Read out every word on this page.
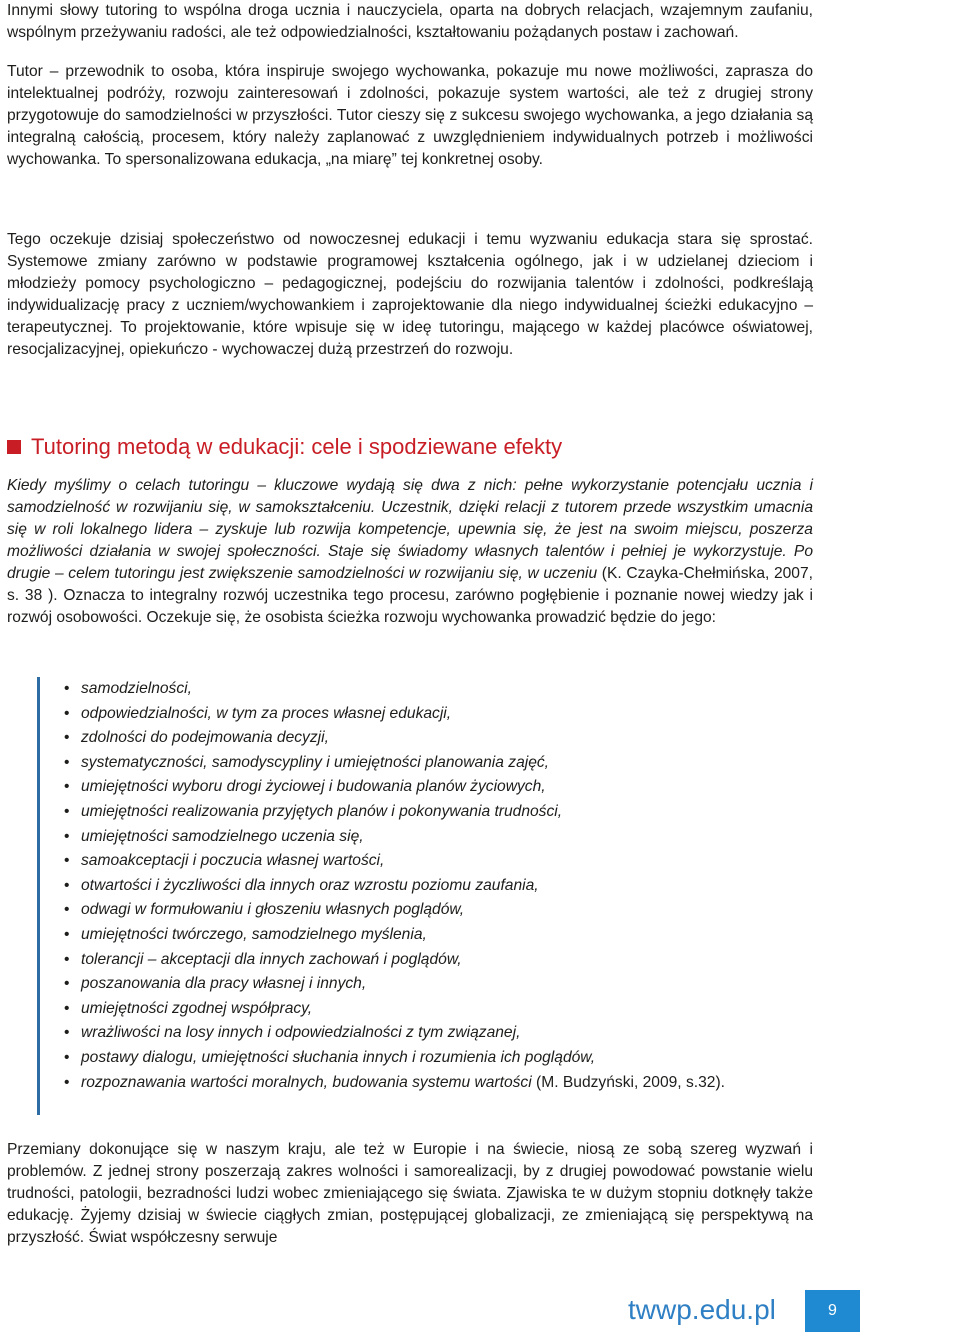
Innymi słowy tutoring to wspólna droga ucznia i nauczyciela, oparta na dobrych relacjach, wzajemnym zaufaniu, wspólnym przeżywaniu radości, ale też odpowiedzialności, kształtowaniu pożądanych postaw i zachowań.

Tutor – przewodnik to osoba, która inspiruje swojego wychowanka, pokazuje mu nowe możliwości, zaprasza do intelektualnej podróży, rozwoju zainteresowań i zdolności, pokazuje system wartości, ale też z drugiej strony przygotowuje do samodzielności w przyszłości. Tutor cieszy się z sukcesu swojego wychowanka, a jego działania są integralną całością, procesem, który należy zaplanować z uwzględnieniem indywidualnych potrzeb i możliwości wychowanka. To spersonalizowana edukacja, „na miarę” tej konkretnej osoby.

Tego oczekuje dzisiaj społeczeństwo od nowoczesnej edukacji i temu wyzwaniu edukacja stara się sprostać. Systemowe zmiany zarówno w podstawie programowej kształcenia ogólnego, jak i w udzielanej dzieciom i młodzieży pomocy psychologiczno – pedagogicznej, podejściu do rozwijania talentów i zdolności, podkreślają indywidualizację pracy z uczniem/wychowankiem i zaprojektowanie dla niego indywidualnej ścieżki edukacyjno – terapeutycznej. To projektowanie, które wpisuje się w ideę tutoringu, mającego w każdej placówce oświatowej, resocjalizacyjnej, opiekuńczo - wychowaczej dużą przestrzeń do rozwoju.

Tutoring metodą w edukacji: cele i spodziewane efekty

Kiedy myślimy o celach tutoringu – kluczowe wydają się dwa z nich: pełne wykorzystanie potencjału ucznia i samodzielność w rozwijaniu się, w samokształceniu. Uczestnik, dzięki relacji z tutorem przede wszystkim umacnia się w roli lokalnego lidera – zyskuje lub rozwija kompetencje, upewnia się, że jest na swoim miejscu, poszerza możliwości działania w swojej społeczności. Staje się świadomy własnych talentów i pełniej je wykorzystuje. Po drugie – celem tutoringu jest zwiększenie samodzielności w rozwijaniu się, w uczeniu (K. Czayka-Chełmińska, 2007, s. 38 ). Oznacza to integralny rozwój uczestnika tego procesu, zarówno pogłębienie i poznanie nowej wiedzy jak i rozwój osobowości. Oczekuje się, że osobista ścieżka rozwoju wychowanka prowadzić będzie do jego:

Przemiany dokonujące się w naszym kraju, ale też w Europie i na świecie, niosą ze sobą szereg wyzwań i problemów. Z jednej strony poszerzają zakres wolności i samorealizacji, by z drugiej powodować powstanie wielu trudności, patologii, bezradności ludzi wobec zmieniającego się świata. Zjawiska te w dużym stopniu dotknęły także edukację. Żyjemy dzisiaj w świecie ciągłych zmian, postępującej globalizacji, ze zmieniającą się perspektywą na przyszłość. Świat współczesny serwuje

• samodzielności,
• odpowiedzialności, w tym za proces własnej edukacji,
• zdolności do podejmowania decyzji,
• systematyczności, samodyscypliny i umiejętności planowania zajęć,
• umiejętności wyboru drogi życiowej i budowania planów życiowych,
• umiejętności realizowania przyjętych planów i pokonywania trudności,
• umiejętności samodzielnego uczenia się,
• samoakceptacji i poczucia własnej wartości,
• otwartości i życzliwości dla innych oraz wzrostu poziomu zaufania,
• odwagi w formułowaniu i głoszeniu własnych poglądów,
• umiejętności twórczego, samodzielnego myślenia,
• tolerancji – akceptacji dla innych zachowań i poglądów,
• poszanowania dla pracy własnej i innych,
• umiejętności zgodnej współpracy,
• wrażliwości na losy innych i odpowiedzialności z tym związanej,
• postawy dialogu, umiejętności słuchania innych i rozumienia ich poglądów,
• rozpoznawania wartości moralnych, budowania systemu wartości (M. Budzyński, 2009, s.32).
twwp.edu.pl	9
